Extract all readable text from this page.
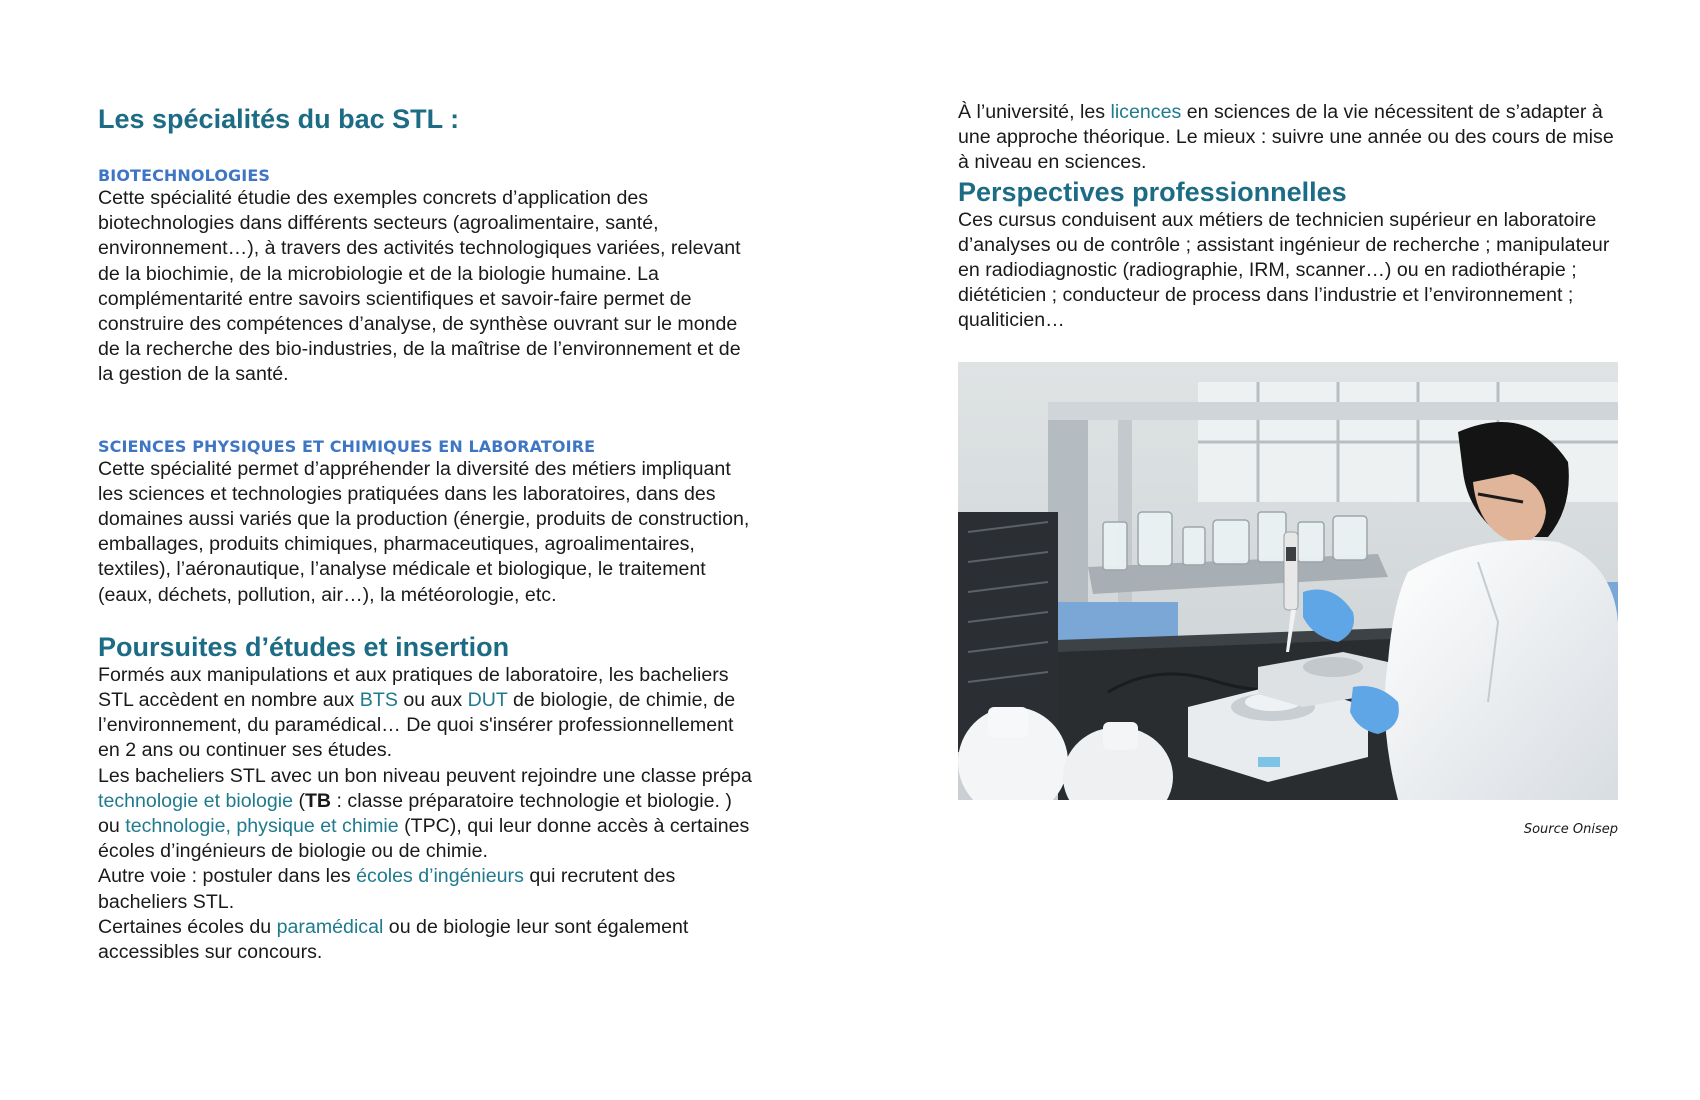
Les spécialités du bac STL :
BIOTECHNOLOGIES

Cette spécialité étudie des exemples concrets d’application des biotechnologies dans différents secteurs (agroalimentaire, santé, environnement…), à travers des activités technologiques variées, relevant de la biochimie, de la microbiologie et de la biologie humaine. La complémentarité entre savoirs scientifiques et savoir-faire permet de construire des compétences d’analyse, de synthèse ouvrant sur le monde de la recherche des bio-industries, de la maîtrise de l’environnement et de la gestion de la santé.

SCIENCES PHYSIQUES ET CHIMIQUES EN LABORATOIRE

Cette spécialité permet d’appréhender la diversité des métiers impliquant les sciences et technologies pratiquées dans les laboratoires, dans des domaines aussi variés que la production (énergie, produits de construction, emballages, produits chimiques, pharmaceutiques, agroalimentaires, textiles), l’aéronautique, l’analyse médicale et biologique, le traitement (eaux, déchets, pollution, air…), la météorologie, etc.

Poursuites d’études et insertion

Formés aux manipulations et aux pratiques de laboratoire, les bacheliers STL accèdent en nombre aux BTS ou aux DUT de biologie, de chimie, de l’environnement, du paramédical… De quoi s'insérer professionnellement en 2 ans ou continuer ses études.

Les bacheliers STL avec un bon niveau peuvent rejoindre une classe prépa technologie et biologie (TB : classe préparatoire technologie et biologie. ) ou technologie, physique et chimie (TPC), qui leur donne accès à certaines écoles d’ingénieurs de biologie ou de chimie.

Autre voie : postuler dans les écoles d’ingénieurs qui recrutent des bacheliers STL.

Certaines écoles du paramédical ou de biologie leur sont également accessibles sur concours.

À l’université, les licences en sciences de la vie nécessitent de s’adapter à une approche théorique. Le mieux : suivre une année ou des cours de mise à niveau en sciences.

Perspectives professionnelles

Ces cursus conduisent aux métiers de technicien supérieur en laboratoire d’analyses ou de contrôle ; assistant ingénieur de recherche ; manipulateur en radiodiagnostic (radiographie, IRM, scanner…) ou en radiothérapie ; diététicien ; conducteur de process dans l’industrie et l’environnement ; qualiticien…

Source Onisep
